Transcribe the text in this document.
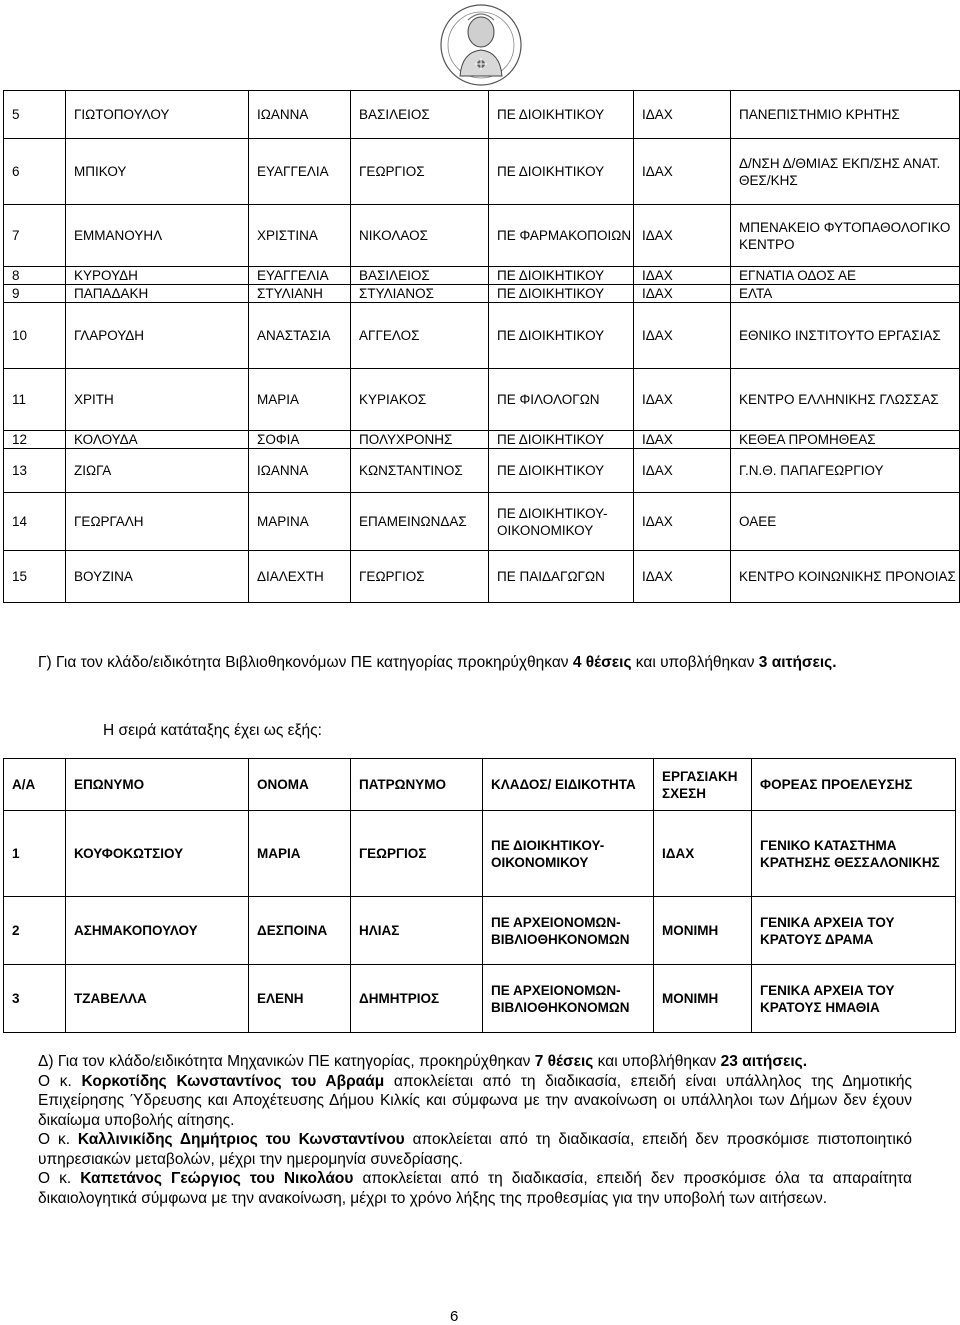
5	ΓΙΩΤΟΠΟΥΛΟΥ	ΙΩΑΝΝΑ	ΒΑΣΙΛΕΙΟΣ	ΠΕ ΔΙΟΙΚΗΤΙΚΟΥ	ΙΔΑΧ	ΠΑΝΕΠΙΣΤΗΜΙΟ ΚΡΗΤΗΣ
6	ΜΠΙΚΟΥ	ΕΥΑΓΓΕΛΙΑ	ΓΕΩΡΓΙΟΣ	ΠΕ ΔΙΟΙΚΗΤΙΚΟΥ	ΙΔΑΧ	Δ/ΝΣΗ Δ/ΘΜΙΑΣ ΕΚΠ/ΣΗΣ ΑΝΑΤ. ΘΕΣ/ΚΗΣ
7	ΕΜΜΑΝΟΥΗΛ	ΧΡΙΣΤΙΝΑ	ΝΙΚΟΛΑΟΣ	ΠΕ ΦΑΡΜΑΚΟΠΟΙΩΝ	ΙΔΑΧ	ΜΠΕΝΑΚΕΙΟ ΦΥΤΟΠΑΘΟΛΟΓΙΚΟ ΚΕΝΤΡΟ
8	ΚΥΡΟΥΔΗ	ΕΥΑΓΓΕΛΙΑ	ΒΑΣΙΛΕΙΟΣ	ΠΕ ΔΙΟΙΚΗΤΙΚΟΥ	ΙΔΑΧ	ΕΓΝΑΤΙΑ ΟΔΟΣ ΑΕ
9	ΠΑΠΑΔΑΚΗ	ΣΤΥΛΙΑΝΗ	ΣΤΥΛΙΑΝΟΣ	ΠΕ ΔΙΟΙΚΗΤΙΚΟΥ	ΙΔΑΧ	ΕΛΤΑ
10	ΓΛΑΡΟΥΔΗ	ΑΝΑΣΤΑΣΙΑ	ΑΓΓΕΛΟΣ	ΠΕ ΔΙΟΙΚΗΤΙΚΟΥ	ΙΔΑΧ	ΕΘΝΙΚΟ ΙΝΣΤΙΤΟΥΤΟ ΕΡΓΑΣΙΑΣ
11	ΧΡΙΤΗ	ΜΑΡΙΑ	ΚΥΡΙΑΚΟΣ	ΠΕ ΦΙΛΟΛΟΓΩΝ	ΙΔΑΧ	ΚΕΝΤΡΟ ΕΛΛΗΝΙΚΗΣ ΓΛΩΣΣΑΣ
12	ΚΟΛΟΥΔΑ	ΣΟΦΙΑ	ΠΟΛΥΧΡΟΝΗΣ	ΠΕ ΔΙΟΙΚΗΤΙΚΟΥ	ΙΔΑΧ	ΚΕΘΕΑ ΠΡΟΜΗΘΕΑΣ
13	ΖΙΩΓΑ	ΙΩΑΝΝΑ	ΚΩΝΣΤΑΝΤΙΝΟΣ	ΠΕ ΔΙΟΙΚΗΤΙΚΟΥ	ΙΔΑΧ	Γ.Ν.Θ. ΠΑΠΑΓΕΩΡΓΙΟΥ
14	ΓΕΩΡΓΑΛΗ	ΜΑΡΙΝΑ	ΕΠΑΜΕΙΝΩΝΔΑΣ	ΠΕ ΔΙΟΙΚΗΤΙΚΟΥ-ΟΙΚΟΝΟΜΙΚΟΥ	ΙΔΑΧ	ΟΑΕΕ
15	ΒΟΥΖΙΝΑ	ΔΙΑΛΕΧΤΗ	ΓΕΩΡΓΙΟΣ	ΠΕ ΠΑΙΔΑΓΩΓΩΝ	ΙΔΑΧ	ΚΕΝΤΡΟ ΚΟΙΝΩΝΙΚΗΣ ΠΡΟΝΟΙΑΣ
Γ) Για τον κλάδο/ειδικότητα Βιβλιοθηκονόμων ΠΕ κατηγορίας προκηρύχθηκαν 4 θέσεις και υποβλήθηκαν 3 αιτήσεις.
Η σειρά κατάταξης έχει ως εξής:
Α/Α	ΕΠΩΝΥΜΟ	ΟΝΟΜΑ	ΠΑΤΡΩΝΥΜΟ	ΚΛΑΔΟΣ/ ΕΙΔΙΚΟΤΗΤΑ	ΕΡΓΑΣΙΑΚΗ ΣΧΕΣΗ	ΦΟΡΕΑΣ ΠΡΟΕΛΕΥΣΗΣ
1	ΚΟΥΦΟΚΩΤΣΙΟΥ	ΜΑΡΙΑ	ΓΕΩΡΓΙΟΣ	ΠΕ ΔΙΟΙΚΗΤΙΚΟΥ-ΟΙΚΟΝΟΜΙΚΟΥ	ΙΔΑΧ	ΓΕΝΙΚΟ ΚΑΤΑΣΤΗΜΑ ΚΡΑΤΗΣΗΣ ΘΕΣΣΑΛΟΝΙΚΗΣ
2	ΑΣΗΜΑΚΟΠΟΥΛΟΥ	ΔΕΣΠΟΙΝΑ	ΗΛΙΑΣ	ΠΕ ΑΡΧΕΙΟΝΟΜΩΝ-ΒΙΒΛΙΟΘΗΚΟΝΟΜΩΝ	ΜΟΝΙΜΗ	ΓΕΝΙΚΑ ΑΡΧΕΙΑ ΤΟΥ ΚΡΑΤΟΥΣ ΔΡΑΜΑ
3	ΤΖΑΒΕΛΛΑ	ΕΛΕΝΗ	ΔΗΜΗΤΡΙΟΣ	ΠΕ ΑΡΧΕΙΟΝΟΜΩΝ-ΒΙΒΛΙΟΘΗΚΟΝΟΜΩΝ	ΜΟΝΙΜΗ	ΓΕΝΙΚΑ ΑΡΧΕΙΑ ΤΟΥ ΚΡΑΤΟΥΣ ΗΜΑΘΙΑ
Δ) Για τον κλάδο/ειδικότητα Μηχανικών ΠΕ κατηγορίας, προκηρύχθηκαν 7 θέσεις και υποβλήθηκαν 23 αιτήσεις.
Ο κ. Κορκοτίδης Κωνσταντίνος του Αβραάμ αποκλείεται από τη διαδικασία, επειδή είναι υπάλληλος της Δημοτικής Επιχείρησης Ύδρευσης και Αποχέτευσης Δήμου Κιλκίς και σύμφωνα με την ανακοίνωση οι υπάλληλοι των Δήμων δεν έχουν δικαίωμα υποβολής αίτησης.
Ο κ. Καλλινικίδης Δημήτριος του Κωνσταντίνου αποκλείεται από τη διαδικασία, επειδή δεν προσκόμισε πιστοποιητικό υπηρεσιακών μεταβολών, μέχρι την ημερομηνία συνεδρίασης.
Ο κ. Καπετάνος Γεώργιος του Νικολάου αποκλείεται από τη διαδικασία, επειδή δεν προσκόμισε όλα τα απαραίτητα δικαιολογητικά σύμφωνα με την ανακοίνωση, μέχρι το χρόνο λήξης της προθεσμίας για την υποβολή των αιτήσεων.
6
